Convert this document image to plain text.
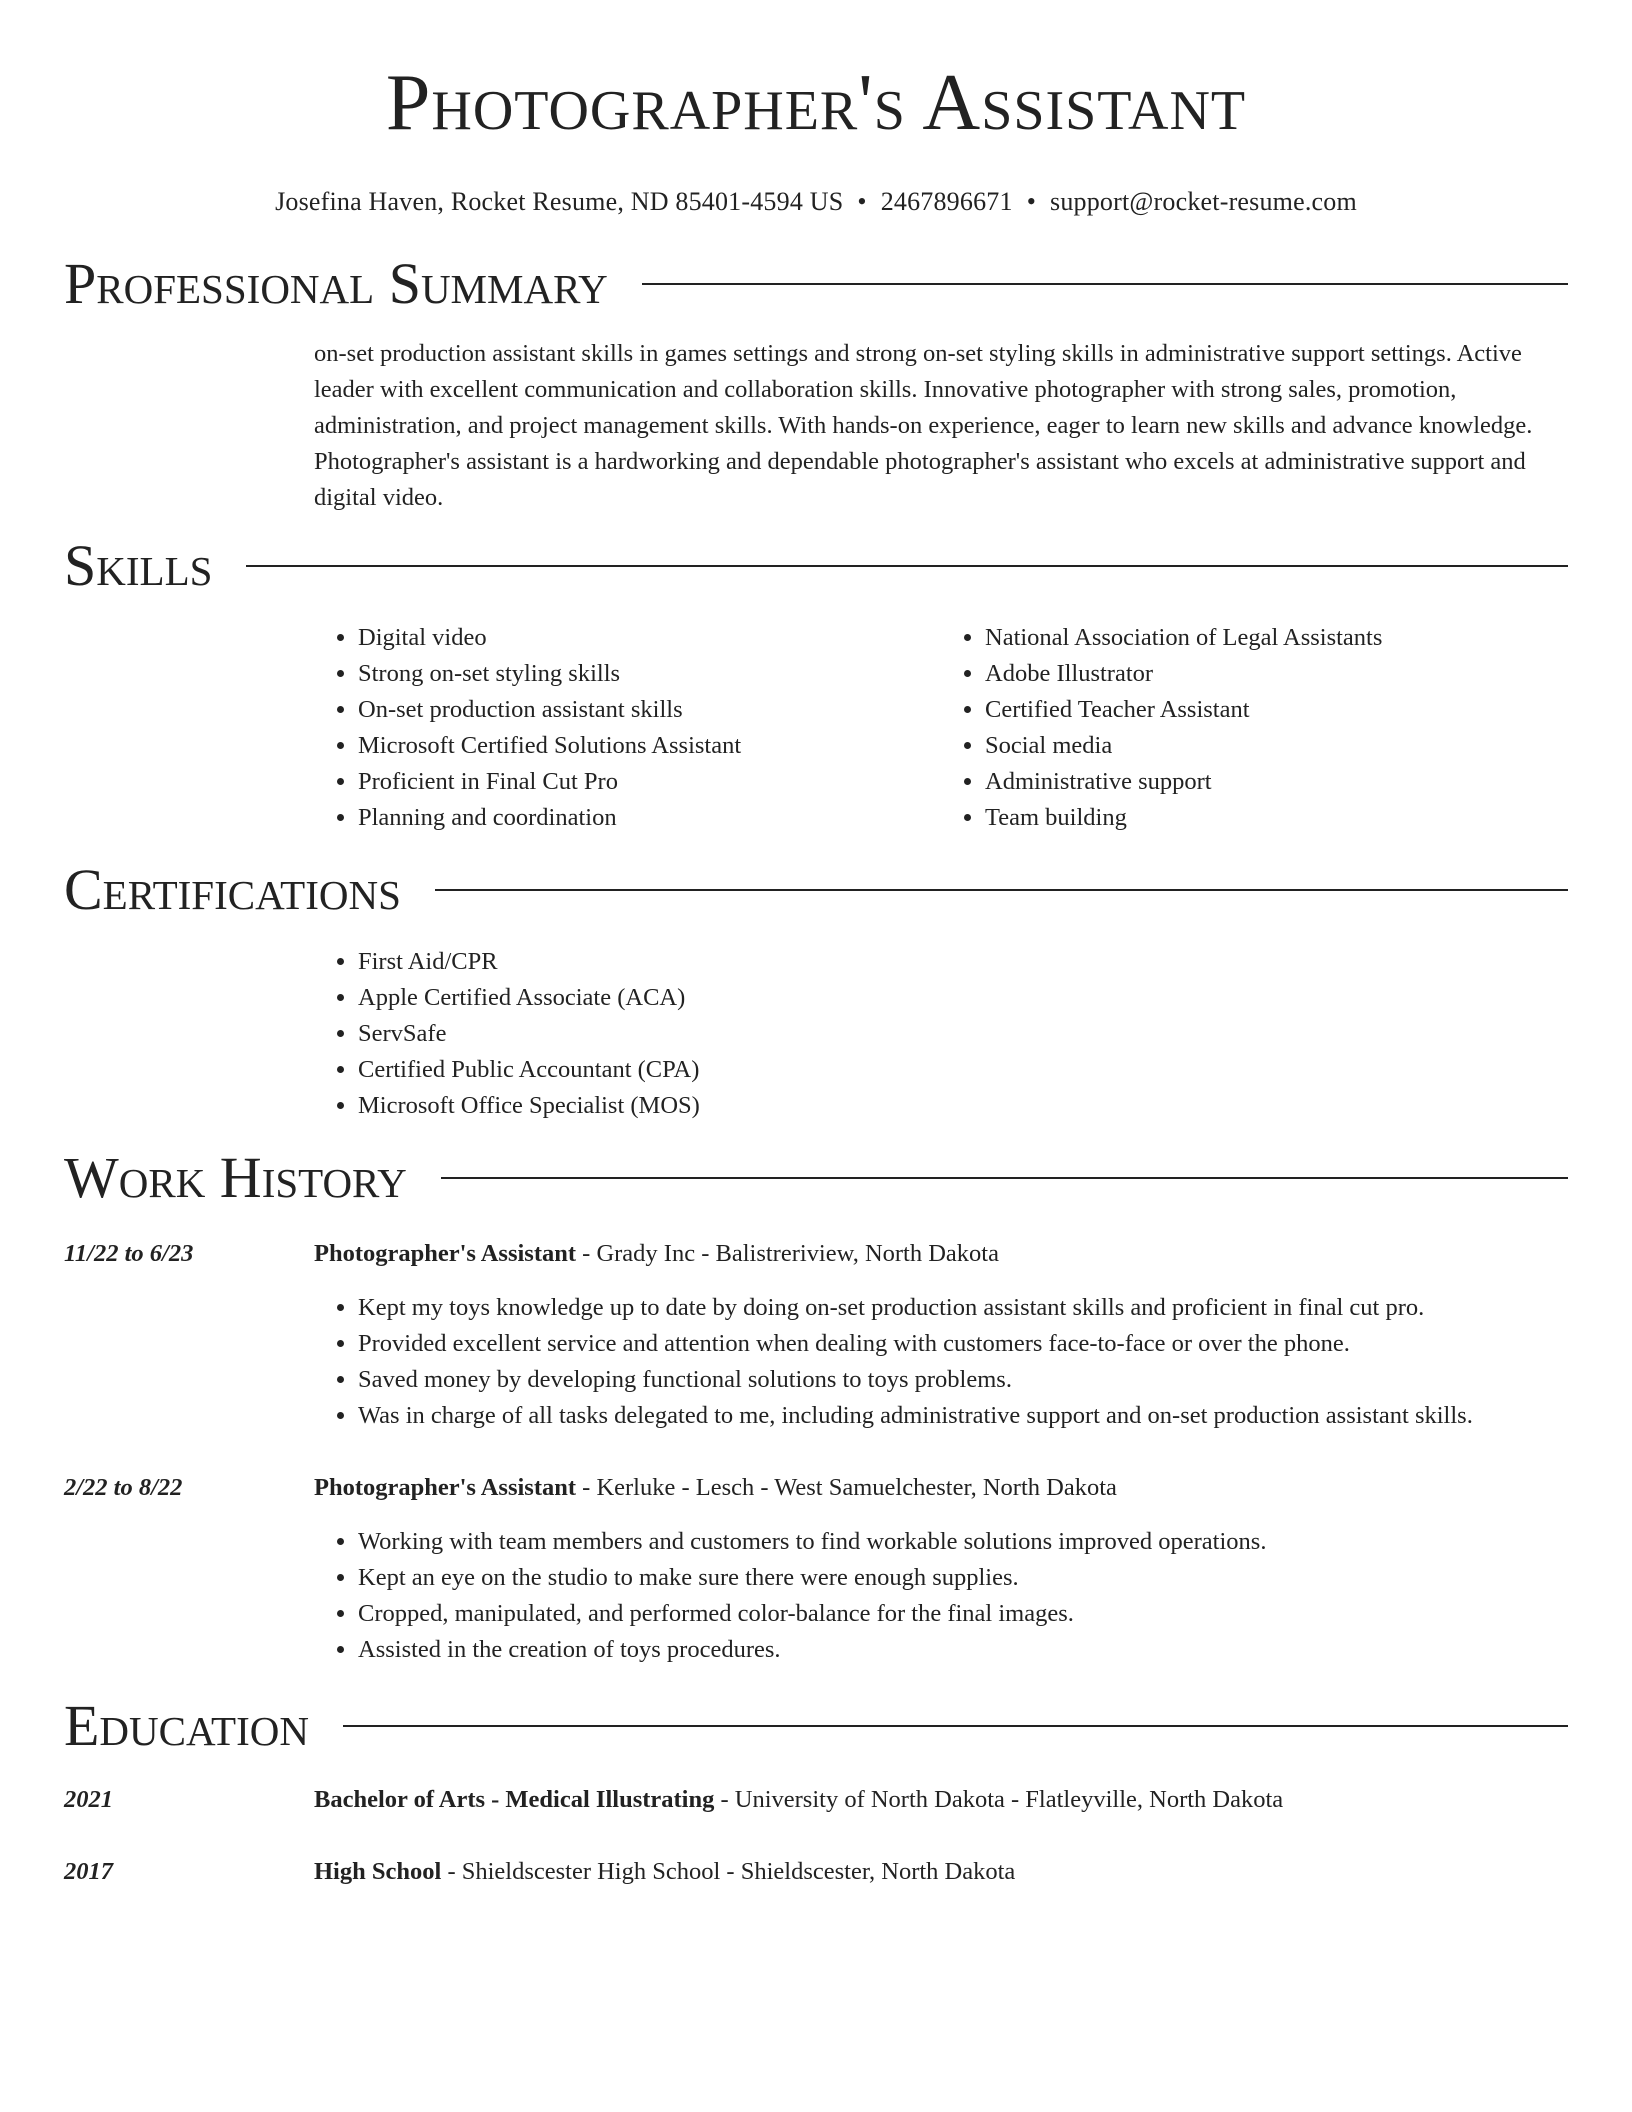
Photographer's Assistant
Josefina Haven, Rocket Resume, ND 85401-4594 US • 2467896671 • support@rocket-resume.com
Professional Summary

on-set production assistant skills in games settings and strong on-set styling skills in administrative support settings. Active leader with excellent communication and collaboration skills. Innovative photographer with strong sales, promotion, administration, and project management skills. With hands-on experience, eager to learn new skills and advance knowledge. Photographer's assistant is a hardworking and dependable photographer's assistant who excels at administrative support and digital video.

Skills
• Digital video
• Strong on-set styling skills
• On-set production assistant skills
• Microsoft Certified Solutions Assistant
• Proficient in Final Cut Pro
• Planning and coordination
• National Association of Legal Assistants
• Adobe Illustrator
• Certified Teacher Assistant
• Social media
• Administrative support
• Team building
Certifications
• First Aid/CPR
• Apple Certified Associate (ACA)
• ServSafe
• Certified Public Accountant (CPA)
• Microsoft Office Specialist (MOS)
Work History
11/22 to 6/23	Photographer's Assistant - Grady Inc - Balistreriview, North Dakota
• Kept my toys knowledge up to date by doing on-set production assistant skills and proficient in final cut pro.
• Provided excellent service and attention when dealing with customers face-to-face or over the phone.
• Saved money by developing functional solutions to toys problems.
• Was in charge of all tasks delegated to me, including administrative support and on-set production assistant skills.
2/22 to 8/22	Photographer's Assistant - Kerluke - Lesch - West Samuelchester, North Dakota
• Working with team members and customers to find workable solutions improved operations.
• Kept an eye on the studio to make sure there were enough supplies.
• Cropped, manipulated, and performed color-balance for the final images.
• Assisted in the creation of toys procedures.
Education
2021	Bachelor of Arts - Medical Illustrating - University of North Dakota - Flatleyville, North Dakota
2017	High School - Shieldscester High School - Shieldscester, North Dakota
